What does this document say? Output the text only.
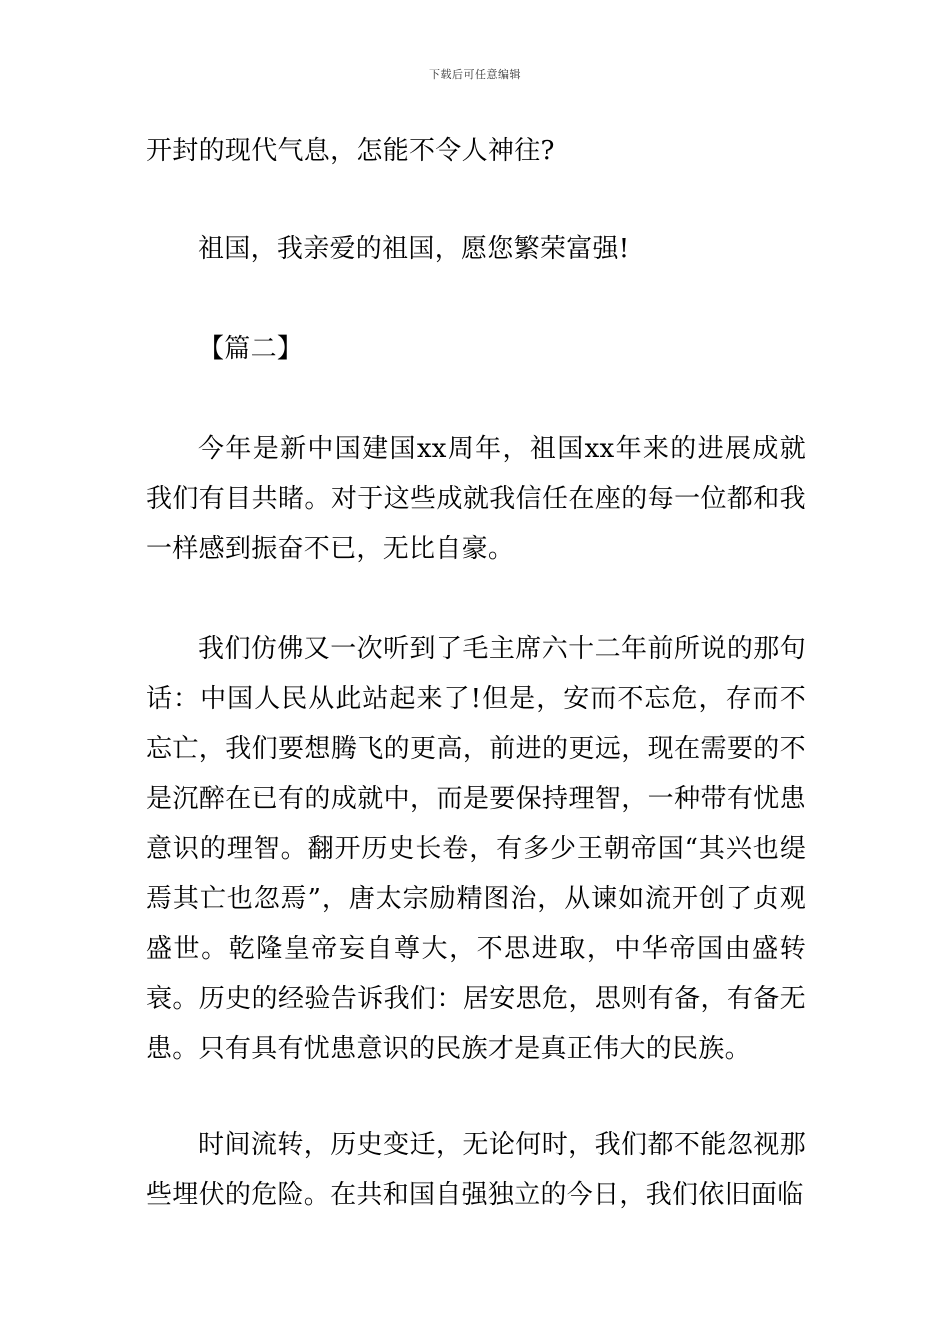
下载后可任意编辑

开封的现代气息，怎能不令人神往?

祖国，我亲爱的祖国，愿您繁荣富强!

【篇二】

今年是新中国建国xx周年，祖国xx年来的进展成就我们有目共睹。对于这些成就我信任在座的每一位都和我一样感到振奋不已，无比自豪。

我们仿佛又一次听到了毛主席六十二年前所说的那句话：中国人民从此站起来了!但是，安而不忘危，存而不忘亡，我们要想腾飞的更高，前进的更远，现在需要的不是沉醉在已有的成就中，而是要保持理智，一种带有忧患意识的理智。翻开历史长卷，有多少王朝帝国“其兴也缇焉其亡也忽焉”，唐太宗励精图治，从谏如流开创了贞观盛世。乾隆皇帝妄自尊大，不思进取，中华帝国由盛转衰。历史的经验告诉我们：居安思危，思则有备，有备无患。只有具有忧患意识的民族才是真正伟大的民族。

时间流转，历史变迁，无论何时，我们都不能忽视那些埋伏的危险。在共和国自强独立的今日，我们依旧面临
